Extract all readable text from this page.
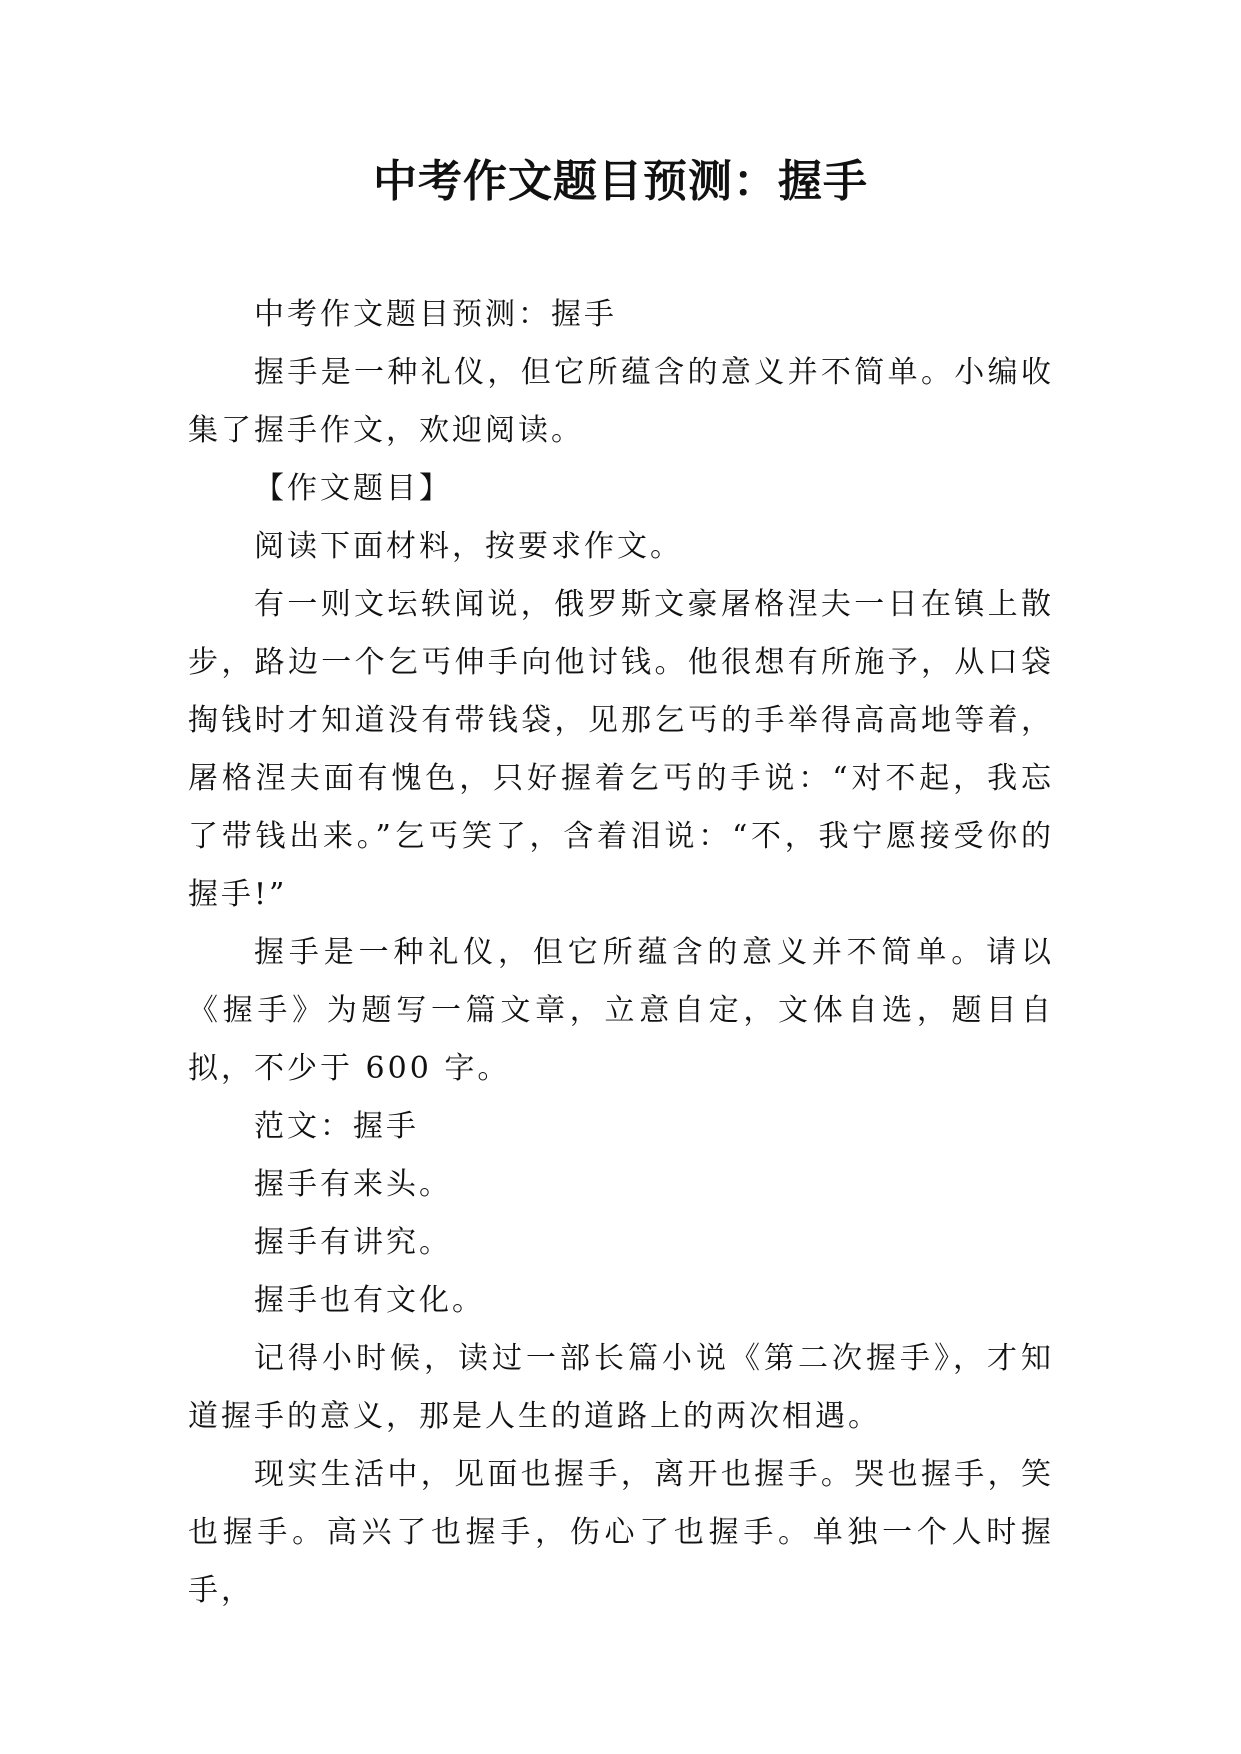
中考作文题目预测：握手

中考作文题目预测：握手

握手是一种礼仪，但它所蕴含的意义并不简单。小编收集了握手作文，欢迎阅读。

【作文题目】

阅读下面材料，按要求作文。

有一则文坛轶闻说，俄罗斯文豪屠格涅夫一日在镇上散步，路边一个乞丐伸手向他讨钱。他很想有所施予，从口袋掏钱时才知道没有带钱袋，见那乞丐的手举得高高地等着，屠格涅夫面有愧色，只好握着乞丐的手说：“对不起，我忘了带钱出来。”乞丐笑了，含着泪说：“不，我宁愿接受你的握手!”

握手是一种礼仪，但它所蕴含的意义并不简单。请以《握手》为题写一篇文章，立意自定，文体自选，题目自拟，不少于 600 字。

范文：握手

握手有来头。

握手有讲究。

握手也有文化。

记得小时候，读过一部长篇小说《第二次握手》，才知道握手的意义，那是人生的道路上的两次相遇。

现实生活中，见面也握手，离开也握手。哭也握手，笑也握手。高兴了也握手，伤心了也握手。单独一个人时握手，
